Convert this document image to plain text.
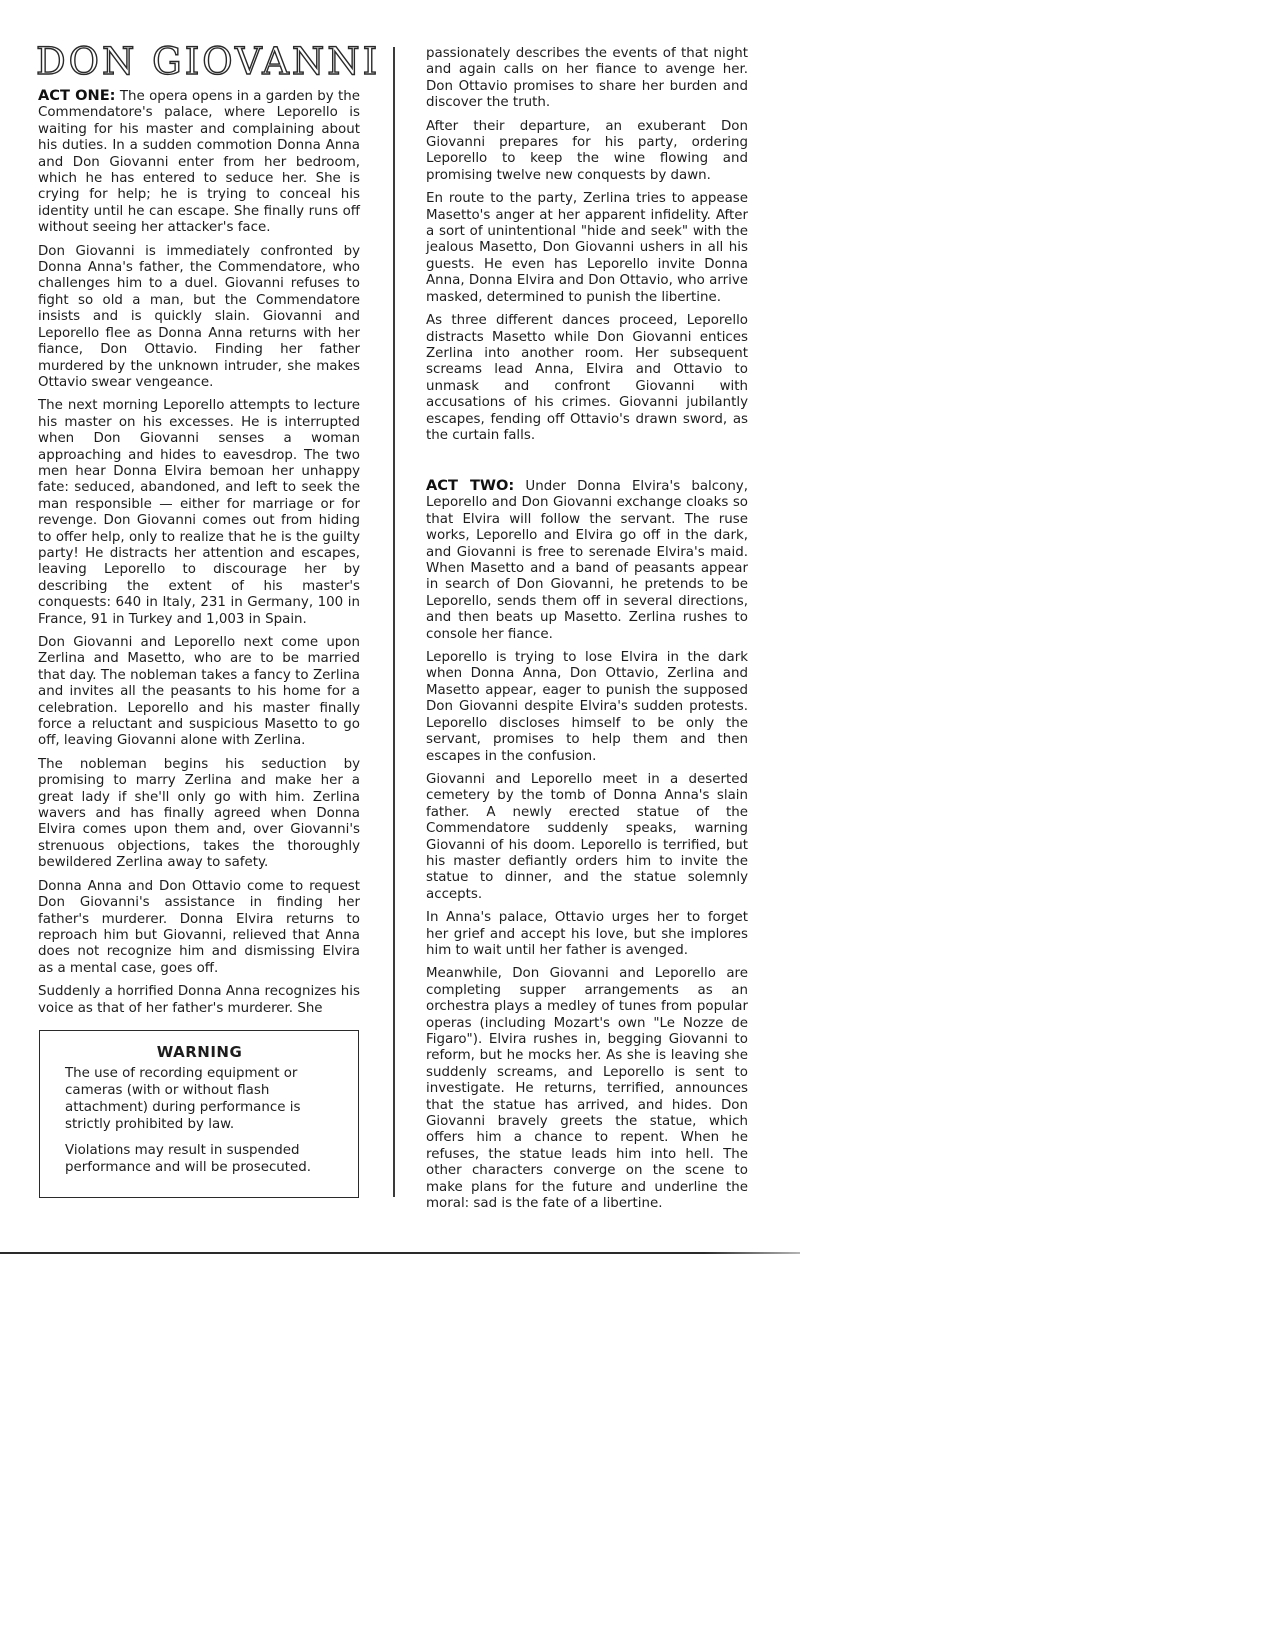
DON GIOVANNI

ACT ONE: The opera opens in a garden by the Commendatore's palace, where Leporello is waiting for his master and complaining about his duties. In a sudden commotion Donna Anna and Don Giovanni enter from her bedroom, which he has entered to seduce her. She is crying for help; he is trying to conceal his identity until he can escape. She finally runs off without seeing her attacker's face.

Don Giovanni is immediately confronted by Donna Anna's father, the Commendatore, who challenges him to a duel. Giovanni refuses to fight so old a man, but the Commendatore insists and is quickly slain. Giovanni and Leporello flee as Donna Anna returns with her fiance, Don Ottavio. Finding her father murdered by the unknown intruder, she makes Ottavio swear vengeance.

The next morning Leporello attempts to lecture his master on his excesses. He is interrupted when Don Giovanni senses a woman approaching and hides to eavesdrop. The two men hear Donna Elvira bemoan her unhappy fate: seduced, abandoned, and left to seek the man responsible — either for marriage or for revenge. Don Giovanni comes out from hiding to offer help, only to realize that he is the guilty party! He distracts her attention and escapes, leaving Leporello to discourage her by describing the extent of his master's conquests: 640 in Italy, 231 in Germany, 100 in France, 91 in Turkey and 1,003 in Spain.

Don Giovanni and Leporello next come upon Zerlina and Masetto, who are to be married that day. The nobleman takes a fancy to Zerlina and invites all the peasants to his home for a celebration. Leporello and his master finally force a reluctant and suspicious Masetto to go off, leaving Giovanni alone with Zerlina.

The nobleman begins his seduction by promising to marry Zerlina and make her a great lady if she'll only go with him. Zerlina wavers and has finally agreed when Donna Elvira comes upon them and, over Giovanni's strenuous objections, takes the thoroughly bewildered Zerlina away to safety.

Donna Anna and Don Ottavio come to request Don Giovanni's assistance in finding her father's murderer. Donna Elvira returns to reproach him but Giovanni, relieved that Anna does not recognize him and dismissing Elvira as a mental case, goes off.

Suddenly a horrified Donna Anna recognizes his voice as that of her father's murderer. She

WARNING

The use of recording equipment or cameras (with or without flash attachment) during performance is strictly prohibited by law.

Violations may result in suspended performance and will be prosecuted.

passionately describes the events of that night and again calls on her fiance to avenge her. Don Ottavio promises to share her burden and discover the truth.

After their departure, an exuberant Don Giovanni prepares for his party, ordering Leporello to keep the wine flowing and promising twelve new conquests by dawn.

En route to the party, Zerlina tries to appease Masetto's anger at her apparent infidelity. After a sort of unintentional "hide and seek" with the jealous Masetto, Don Giovanni ushers in all his guests. He even has Leporello invite Donna Anna, Donna Elvira and Don Ottavio, who arrive masked, determined to punish the libertine.

As three different dances proceed, Leporello distracts Masetto while Don Giovanni entices Zerlina into another room. Her subsequent screams lead Anna, Elvira and Ottavio to unmask and confront Giovanni with accusations of his crimes. Giovanni jubilantly escapes, fending off Ottavio's drawn sword, as the curtain falls.

ACT TWO: Under Donna Elvira's balcony, Leporello and Don Giovanni exchange cloaks so that Elvira will follow the servant. The ruse works, Leporello and Elvira go off in the dark, and Giovanni is free to serenade Elvira's maid. When Masetto and a band of peasants appear in search of Don Giovanni, he pretends to be Leporello, sends them off in several directions, and then beats up Masetto. Zerlina rushes to console her fiance.

Leporello is trying to lose Elvira in the dark when Donna Anna, Don Ottavio, Zerlina and Masetto appear, eager to punish the supposed Don Giovanni despite Elvira's sudden protests. Leporello discloses himself to be only the servant, promises to help them and then escapes in the confusion.

Giovanni and Leporello meet in a deserted cemetery by the tomb of Donna Anna's slain father. A newly erected statue of the Commendatore suddenly speaks, warning Giovanni of his doom. Leporello is terrified, but his master defiantly orders him to invite the statue to dinner, and the statue solemnly accepts.

In Anna's palace, Ottavio urges her to forget her grief and accept his love, but she implores him to wait until her father is avenged.

Meanwhile, Don Giovanni and Leporello are completing supper arrangements as an orchestra plays a medley of tunes from popular operas (including Mozart's own "Le Nozze de Figaro"). Elvira rushes in, begging Giovanni to reform, but he mocks her. As she is leaving she suddenly screams, and Leporello is sent to investigate. He returns, terrified, announces that the statue has arrived, and hides. Don Giovanni bravely greets the statue, which offers him a chance to repent. When he refuses, the statue leads him into hell. The other characters converge on the scene to make plans for the future and underline the moral: sad is the fate of a libertine.
